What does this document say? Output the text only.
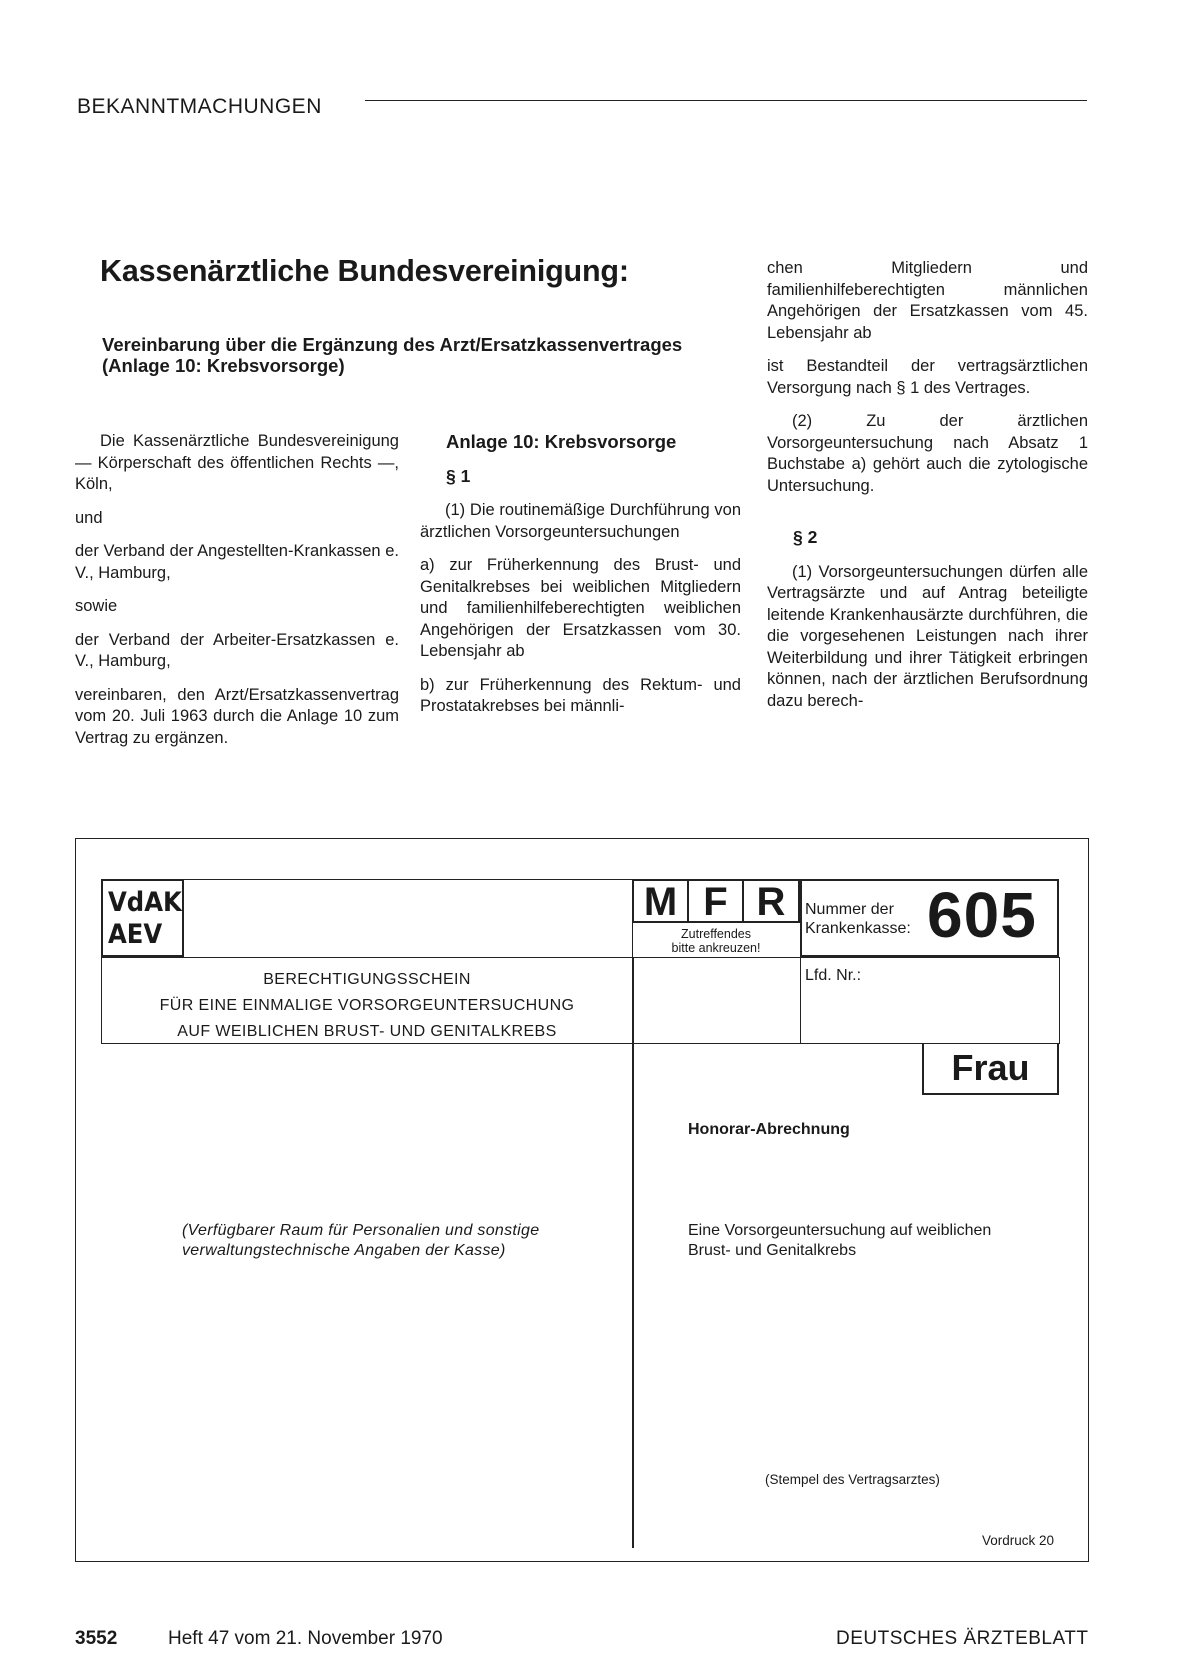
BEKANNTMACHUNGEN
Kassenärztliche Bundesvereinigung:
Vereinbarung über die Ergänzung des Arzt/Ersatzkassenvertrages
(Anlage 10: Krebsvorsorge)

Die Kassenärztliche Bundesvereinigung — Körperschaft des öffentlichen Rechts —, Köln,

und

der Verband der Angestellten-Krankassen e. V., Hamburg,

sowie

der Verband der Arbeiter-Ersatzkassen e. V., Hamburg,

vereinbaren, den Arzt/Ersatzkassenvertrag vom 20. Juli 1963 durch die Anlage 10 zum Vertrag zu ergänzen.

Anlage 10: Krebsvorsorge

§ 1

(1) Die routinemäßige Durchführung von ärztlichen Vorsorgeuntersuchungen

a) zur Früherkennung des Brust- und Genitalkrebses bei weiblichen Mitgliedern und familienhilfeberechtigten weiblichen Angehörigen der Ersatzkassen vom 30. Lebensjahr ab

b) zur Früherkennung des Rektum- und Prostatakrebses bei männli-

chen Mitgliedern und familienhilfeberechtigten männlichen Angehörigen der Ersatzkassen vom 45. Lebensjahr ab

ist Bestandteil der vertragsärztlichen Versorgung nach § 1 des Vertrages.

(2) Zu der ärztlichen Vorsorgeuntersuchung nach Absatz 1 Buchstabe a) gehört auch die zytologische Untersuchung.

§ 2

(1) Vorsorgeuntersuchungen dürfen alle Vertragsärzte und auf Antrag beteiligte leitende Krankenhausärzte durchführen, die die vorgesehenen Leistungen nach ihrer Weiterbildung und ihrer Tätigkeit erbringen können, nach der ärztlichen Berufsordnung dazu berech-

VdAK
AEV
M F R
Zutreffendes
bitte ankreuzen!
Nummer der
Krankenkasse: 605
BERECHTIGUNGSSCHEIN
FÜR EINE EINMALIGE VORSORGEUNTERSUCHUNG
AUF WEIBLICHEN BRUST- UND GENITALKREBS
Lfd. Nr.:
Frau
Honorar-Abrechnung
(Verfügbarer Raum für Personalien und sonstige
verwaltungstechnische Angaben der Kasse)
Eine Vorsorgeuntersuchung auf weiblichen
Brust- und Genitalkrebs
(Stempel des Vertragsarztes)
Vordruck 20
3552	Heft 47 vom 21. November 1970	DEUTSCHES ÄRZTEBLATT
